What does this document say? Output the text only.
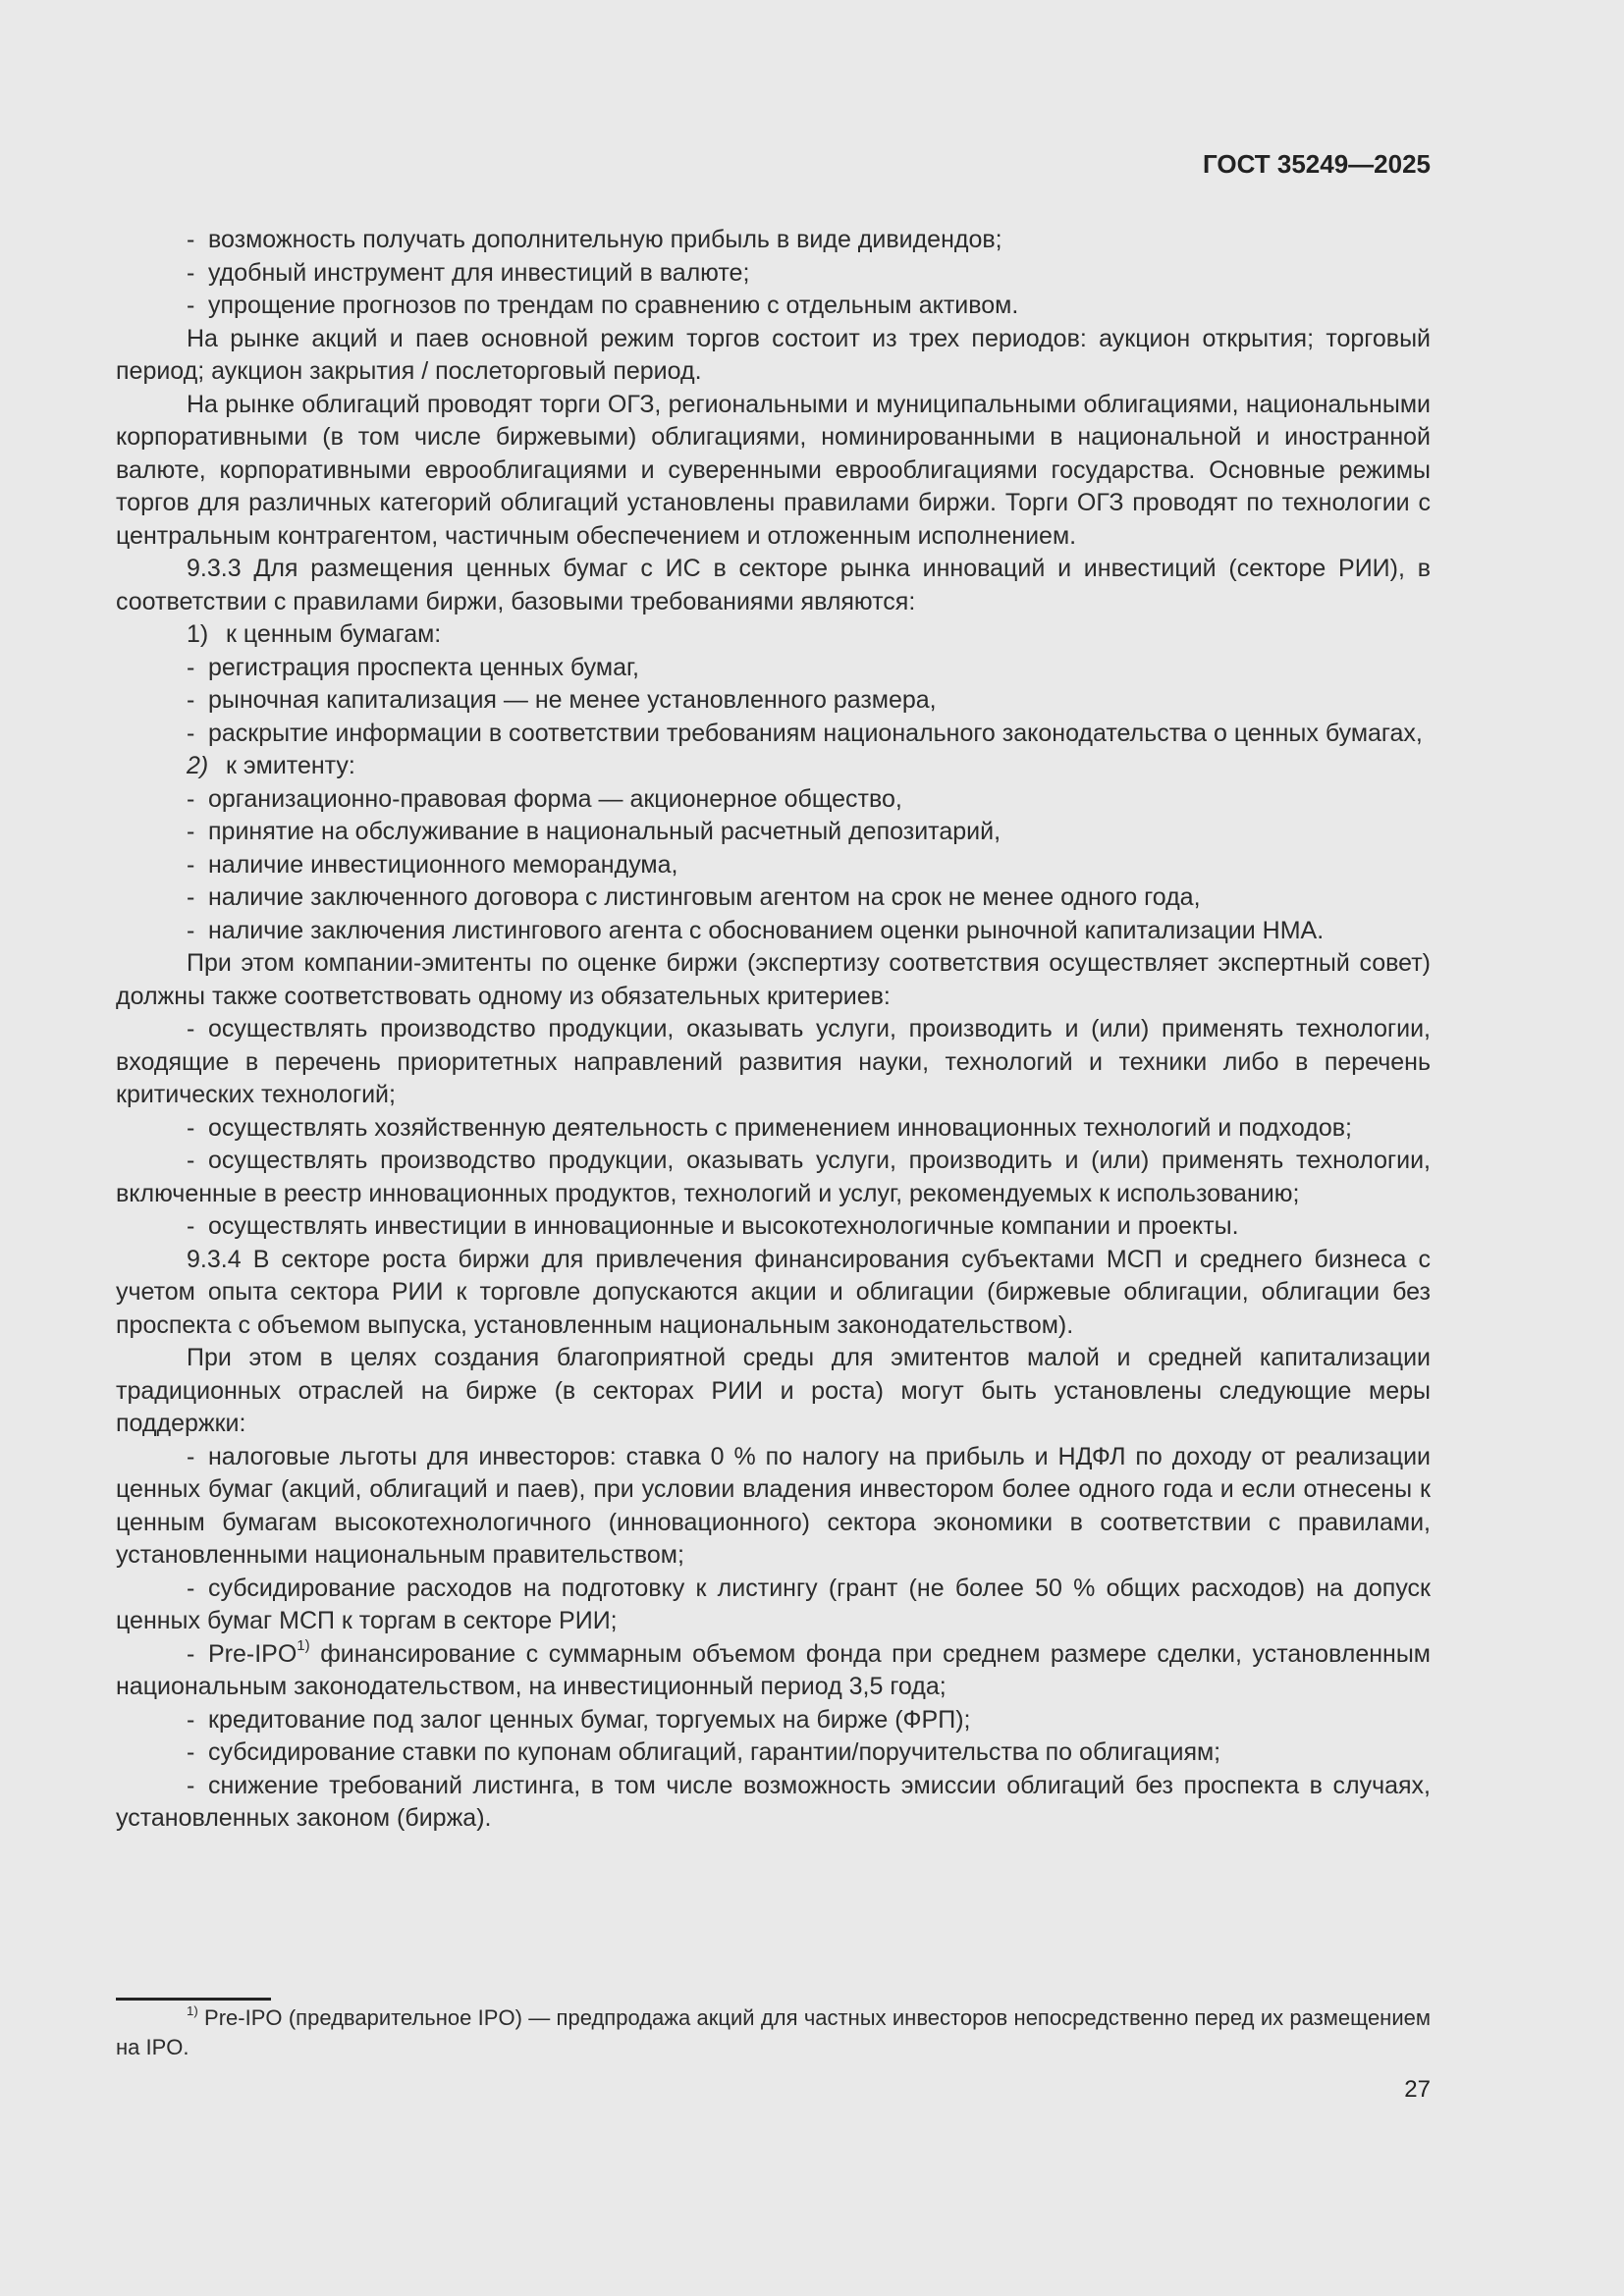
ГОСТ 35249—2025

- возможность получать дополнительную прибыль в виде дивидендов;

- удобный инструмент для инвестиций в валюте;

- упрощение прогнозов по трендам по сравнению с отдельным активом.

На рынке акций и паев основной режим торгов состоит из трех периодов: аукцион открытия; торговый период; аукцион закрытия / послеторговый период.

На рынке облигаций проводят торги ОГЗ, региональными и муниципальными облигациями, национальными корпоративными (в том числе биржевыми) облигациями, номинированными в национальной и иностранной валюте, корпоративными еврооблигациями и суверенными еврооблигациями государства. Основные режимы торгов для различных категорий облигаций установлены правилами биржи. Торги ОГЗ проводят по технологии с центральным контрагентом, частичным обеспечением и отложенным исполнением.

9.3.3 Для размещения ценных бумаг с ИС в секторе рынка инноваций и инвестиций (секторе РИИ), в соответствии с правилами биржи, базовыми требованиями являются:

1) к ценным бумагам:

- регистрация проспекта ценных бумаг,

- рыночная капитализация — не менее установленного размера,

- раскрытие информации в соответствии требованиям национального законодательства о ценных бумагах,

2) к эмитенту:

- организационно-правовая форма — акционерное общество,

- принятие на обслуживание в национальный расчетный депозитарий,

- наличие инвестиционного меморандума,

- наличие заключенного договора с листинговым агентом на срок не менее одного года,

- наличие заключения листингового агента с обоснованием оценки рыночной капитализации НМА.

При этом компании-эмитенты по оценке биржи (экспертизу соответствия осуществляет экспертный совет) должны также соответствовать одному из обязательных критериев:

- осуществлять производство продукции, оказывать услуги, производить и (или) применять технологии, входящие в перечень приоритетных направлений развития науки, технологий и техники либо в перечень критических технологий;

- осуществлять хозяйственную деятельность с применением инновационных технологий и подходов;

- осуществлять производство продукции, оказывать услуги, производить и (или) применять технологии, включенные в реестр инновационных продуктов, технологий и услуг, рекомендуемых к использованию;

- осуществлять инвестиции в инновационные и высокотехнологичные компании и проекты.

9.3.4 В секторе роста биржи для привлечения финансирования субъектами МСП и среднего бизнеса с учетом опыта сектора РИИ к торговле допускаются акции и облигации (биржевые облигации, облигации без проспекта с объемом выпуска, установленным национальным законодательством).

При этом в целях создания благоприятной среды для эмитентов малой и средней капитализации традиционных отраслей на бирже (в секторах РИИ и роста) могут быть установлены следующие меры поддержки:

- налоговые льготы для инвесторов: ставка 0 % по налогу на прибыль и НДФЛ по доходу от реализации ценных бумаг (акций, облигаций и паев), при условии владения инвестором более одного года и если отнесены к ценным бумагам высокотехнологичного (инновационного) сектора экономики в соответствии с правилами, установленными национальным правительством;

- субсидирование расходов на подготовку к листингу (грант (не более 50 % общих расходов) на допуск ценных бумаг МСП к торгам в секторе РИИ;

- Pre-IPO$^{1)}$ финансирование с суммарным объемом фонда при среднем размере сделки, установленным национальным законодательством, на инвестиционный период 3,5 года;

- кредитование под залог ценных бумаг, торгуемых на бирже (ФРП);

- субсидирование ставки по купонам облигаций, гарантии/поручительства по облигациям;

- снижение требований листинга, в том числе возможность эмиссии облигаций без проспекта в случаях, установленных законом (биржа).

$^{1)}$ Pre-IPO (предварительное IPO) — предпродажа акций для частных инвесторов непосредственно перед их размещением на IPO.
27
